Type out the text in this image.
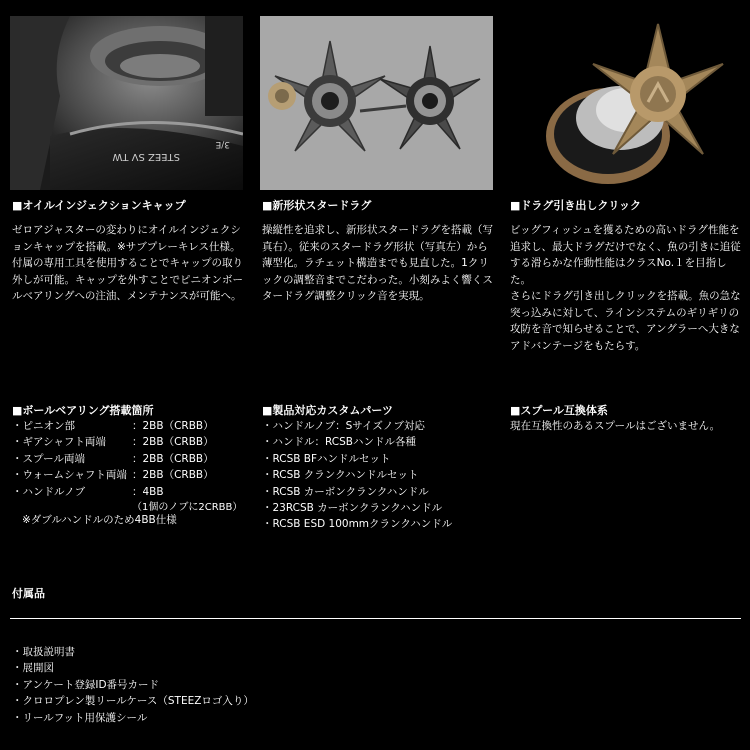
STEEZ SV TW
3/E
■オイルインジェクションキャップ
ゼロアジャスターの変わりにオイルインジェクションキャップを搭載。※サブプレーキレス仕様。
付属の専用工具を使用することでキャップの取り外しが可能。キャップを外すことでピニオンボールベアリングへの注油、メンテナンスが可能へ。
■新形状スタードラグ
操縦性を追求し、新形状スタードラグを搭載（写真右）。従来のスタードラグ形状（写真左）から薄型化。ラチェット構造までも見直した。1クリックの調整音までこだわった。小刻みよく響くスタードラグ調整クリック音を実現。
■ドラグ引き出しクリック
ビッグフィッシュを獲るための高いドラグ性能を追求し、最大ドラグだけでなく、魚の引きに追従する滑らかな作動性能はクラスNo.１を目指した。
さらにドラグ引き出しクリックを搭載。魚の急な突っ込みに対して、ラインシステムのギリギリの攻防を音で知らせることで、アングラーへ大きなアドバンテージをもたらす。
■ボールベアリング搭載箇所
・ピニオン部	：2BB（CRBB）
・ギアシャフト両端	：2BB（CRBB）
・スプール両端	：2BB（CRBB）
・ウォームシャフト両端	：2BB（CRBB）
・ハンドルノブ	：4BB
	（1個のノブに2CRBB）
※ダブルハンドルのため4BB仕様
■製品対応カスタムパーツ
・ハンドルノブ：Sサイズノブ対応
・ハンドル：RCSBハンドル各種
・RCSB BFハンドルセット
・RCSB クランクハンドルセット
・RCSB カーボンクランクハンドル
・23RCSB カーボンクランクハンドル
・RCSB ESD 100mmクランクハンドル
■スプール互換体系
現在互換性のあるスプールはございません。
付属品
・取扱説明書
・展開図
・アンケート登録ID番号カード
・クロロプレン製リールケース（STEEZロゴ入り）
・リールフット用保護シール
